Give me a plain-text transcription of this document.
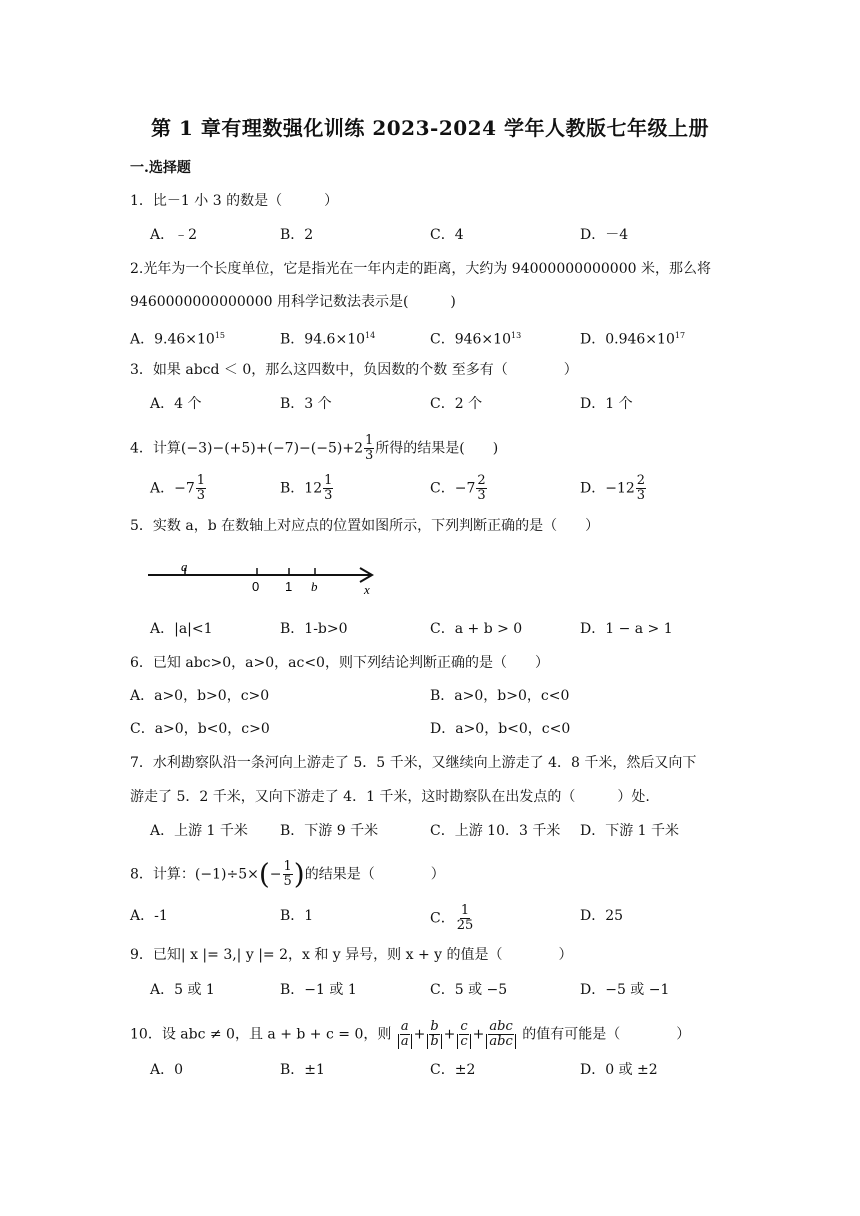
第 1 章有理数强化训练 2023-2024 学年人教版七年级上册
一.选择题
1．比－1 小 3 的数是（　　　）
A．﹣2	B．2	C．4	D．－4
2.光年为一个长度单位，它是指光在一年内走的距离，大约为 94000000000000 米，那么将
9460000000000000 用科学记数法表示是(　　　)
A．$9.46\times 10^{15}$	B．$94.6\times 10^{14}$	C．$946\times 10^{13}$	D．$0.946\times 10^{17}$
3．如果 abcd ＜ 0，那么这四数中，负因数的个数 至多有（　　　　）
A．4 个	B．3 个	C．2 个	D．1 个
4．计算$(-3)-(+5)+(-7)-(-5)+2 \frac{1}{3}$ 所得的结果是(　　)
A．$-7 \frac{1}{3}$	B．$12 \frac{1}{3}$	C．$-7 \frac{2}{3}$	D．$-12 \frac{2}{3}$
5．实数 a，b 在数轴上对应点的位置如图所示，下列判断正确的是（　　）
a
0 1 b	x
A．|a|<1	B．1-b>0	C．a + b > 0	D．1 − a > 1
6．已知 abc>0，a>0，ac<0，则下列结论判断正确的是（　　）
A．a>0，b>0，c>0	B．a>0，b>0，c<0
C．a>0，b<0，c>0	D．a>0，b<0，c<0
7．水利勘察队沿一条河向上游走了 5．5 千米，又继续向上游走了 4．8 千米，然后又向下
游走了 5．2 千米，又向下游走了 4．1 千米，这时勘察队在出发点的（　　　）处.
A．上游 1 千米 B．下游 9 千米	C．上游 10．3 千米 D．下游 1 千米
8．计算：$(-1)\div 5\times(- \frac{1}{5}$ )的结果是（　　　　）
A．-1	B．1	C． $\frac{1}{25}$	D．25
9．已知| x |= 3,| y |= 2，x 和 y 异号，则 x + y 的值是（　　　　）
A．5 或 1	B．−1 或 1	C．5 或 −5	D．−5 或 −1
10．设 abc ≠ 0，且 a + b + c = 0，则 $\frac{a}{a} + \frac{b}{b} + \frac{c}{c} + \frac{\text{abc}}{\text{abc}}$ 的值有可能是（　　　　）
A．0	B．±1	C．±2	D．0 或 ±2
